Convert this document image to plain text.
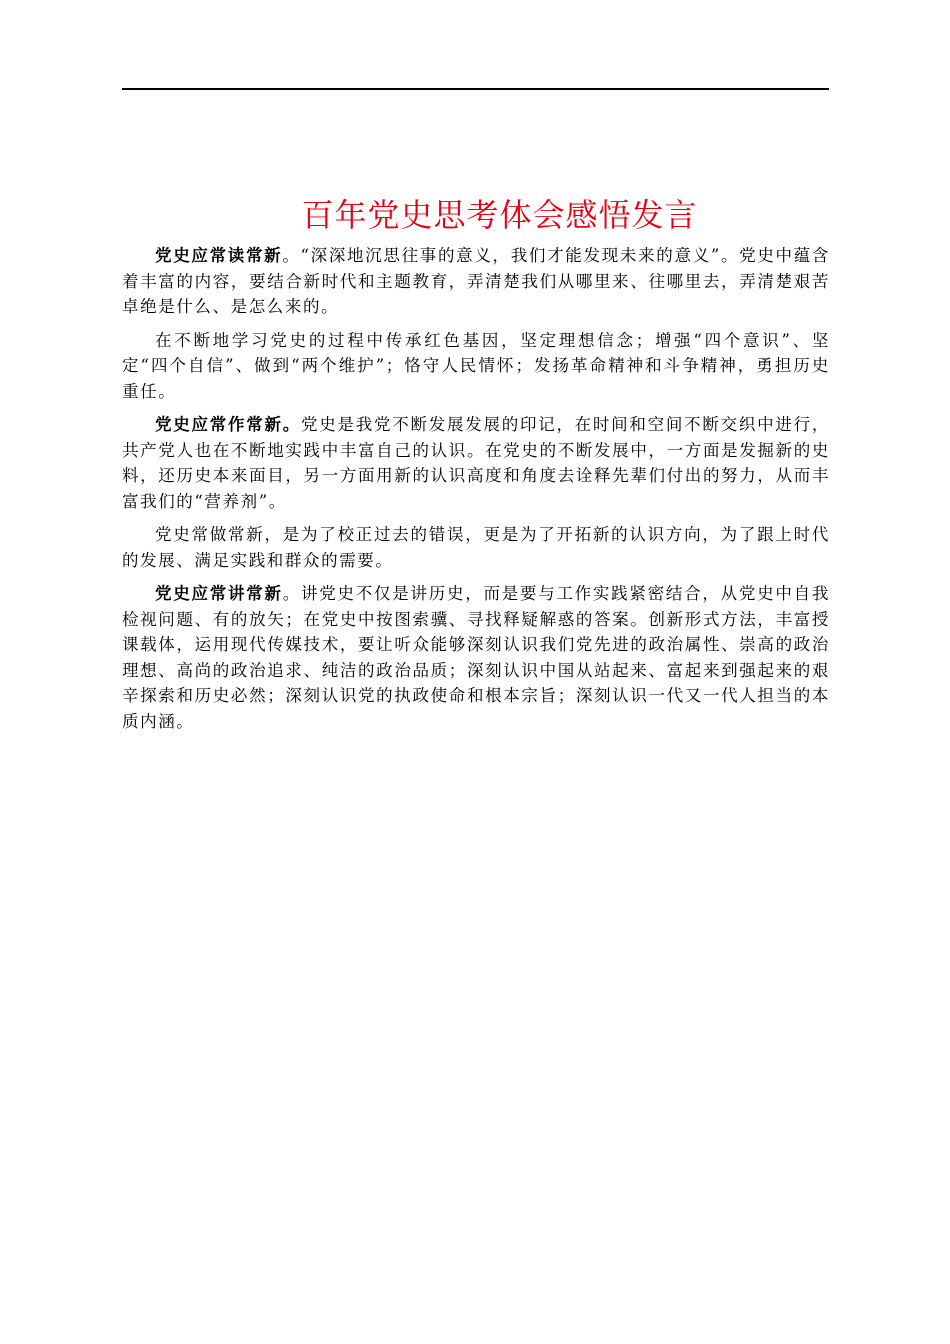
百年党史思考体会感悟发言

党史应常读常新。“深深地沉思往事的意义，我们才能发现未来的意义”。党史中蕴含着丰富的内容，要结合新时代和主题教育，弄清楚我们从哪里来、往哪里去，弄清楚艰苦卓绝是什么、是怎么来的。

在不断地学习党史的过程中传承红色基因，坚定理想信念；增强“四个意识”、坚定“四个自信”、做到“两个维护”；恪守人民情怀；发扬革命精神和斗争精神，勇担历史重任。

党史应常作常新。党史是我党不断发展发展的印记，在时间和空间不断交织中进行，共产党人也在不断地实践中丰富自己的认识。在党史的不断发展中，一方面是发掘新的史料，还历史本来面目，另一方面用新的认识高度和角度去诠释先辈们付出的努力，从而丰富我们的“营养剂”。

党史常做常新，是为了校正过去的错误，更是为了开拓新的认识方向，为了跟上时代的发展、满足实践和群众的需要。

党史应常讲常新。讲党史不仅是讲历史，而是要与工作实践紧密结合，从党史中自我检视问题、有的放矢；在党史中按图索骥、寻找释疑解惑的答案。创新形式方法，丰富授课载体，运用现代传媒技术，要让听众能够深刻认识我们党先进的政治属性、崇高的政治理想、高尚的政治追求、纯洁的政治品质；深刻认识中国从站起来、富起来到强起来的艰辛探索和历史必然；深刻认识党的执政使命和根本宗旨；深刻认识一代又一代人担当的本质内涵。
